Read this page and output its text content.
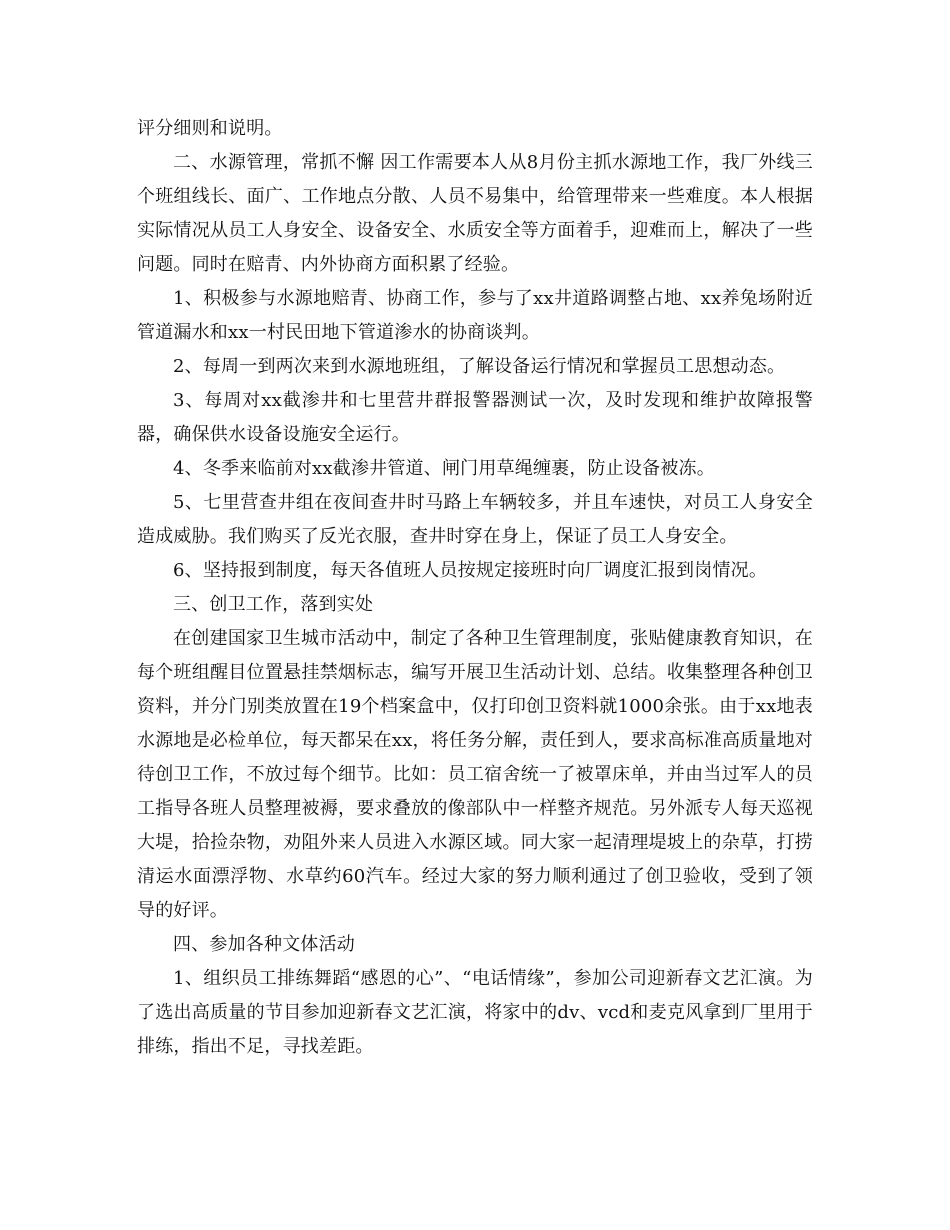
评分细则和说明。

二、水源管理，常抓不懈 因工作需要本人从8月份主抓水源地工作，我厂外线三个班组线长、面广、工作地点分散、人员不易集中，给管理带来一些难度。本人根据实际情况从员工人身安全、设备安全、水质安全等方面着手，迎难而上，解决了一些问题。同时在赔青、内外协商方面积累了经验。

1、积极参与水源地赔青、协商工作，参与了xx井道路调整占地、xx养兔场附近管道漏水和xx一村民田地下管道渗水的协商谈判。

2、每周一到两次来到水源地班组，了解设备运行情况和掌握员工思想动态。

3、每周对xx截渗井和七里营井群报警器测试一次，及时发现和维护故障报警器，确保供水设备设施安全运行。

4、冬季来临前对xx截渗井管道、闸门用草绳缠裹，防止设备被冻。

5、七里营查井组在夜间查井时马路上车辆较多，并且车速快，对员工人身安全造成威胁。我们购买了反光衣服，查井时穿在身上，保证了员工人身安全。

6、坚持报到制度，每天各值班人员按规定接班时向厂调度汇报到岗情况。

三、创卫工作，落到实处

在创建国家卫生城市活动中，制定了各种卫生管理制度，张贴健康教育知识，在每个班组醒目位置悬挂禁烟标志，编写开展卫生活动计划、总结。收集整理各种创卫资料，并分门别类放置在19个档案盒中，仅打印创卫资料就1000余张。由于xx地表水源地是必检单位，每天都呆在xx，将任务分解，责任到人，要求高标准高质量地对待创卫工作，不放过每个细节。比如：员工宿舍统一了被罩床单，并由当过军人的员工指导各班人员整理被褥，要求叠放的像部队中一样整齐规范。另外派专人每天巡视大堤，拾捡杂物，劝阻外来人员进入水源区域。同大家一起清理堤坡上的杂草，打捞清运水面漂浮物、水草约60汽车。经过大家的努力顺利通过了创卫验收，受到了领导的好评。

四、参加各种文体活动

1、组织员工排练舞蹈“感恩的心”、“电话情缘”，参加公司迎新春文艺汇演。为了选出高质量的节目参加迎新春文艺汇演，将家中的dv、vcd和麦克风拿到厂里用于排练，指出不足，寻找差距。
